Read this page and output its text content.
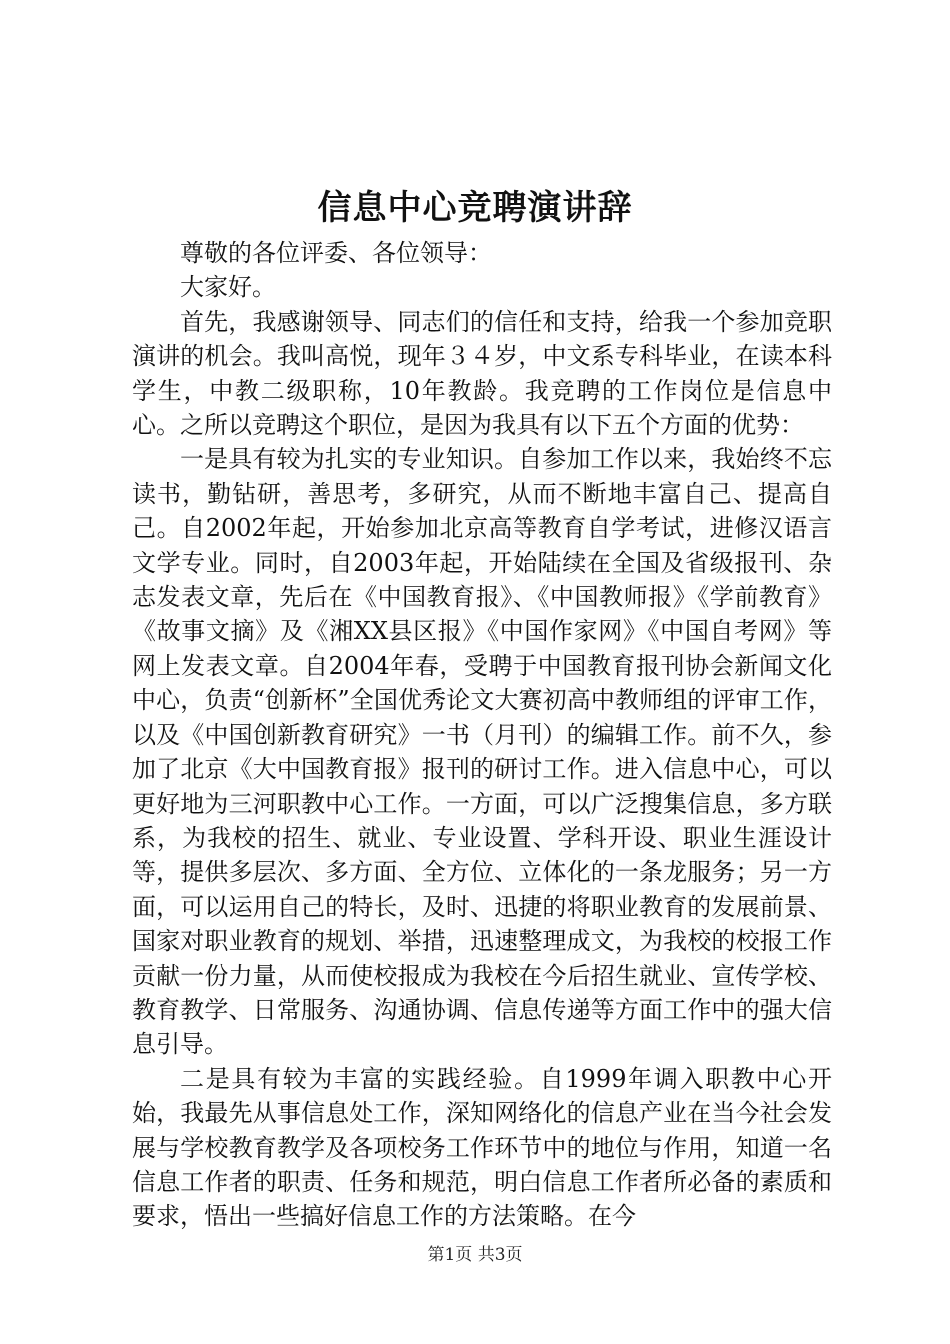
信息中心竞聘演讲辞

尊敬的各位评委、各位领导：

大家好。

首先，我感谢领导、同志们的信任和支持，给我一个参加竞职演讲的机会。我叫高悦，现年３４岁，中文系专科毕业，在读本科学生，中教二级职称，10年教龄。我竞聘的工作岗位是信息中心。之所以竞聘这个职位，是因为我具有以下五个方面的优势：

一是具有较为扎实的专业知识。自参加工作以来，我始终不忘读书，勤钻研，善思考，多研究，从而不断地丰富自己、提高自己。自2002年起，开始参加北京高等教育自学考试，进修汉语言文学专业。同时，自2003年起，开始陆续在全国及省级报刊、杂志发表文章，先后在《中国教育报》、《中国教师报》《学前教育》《故事文摘》及《湘XX县区报》《中国作家网》《中国自考网》等网上发表文章。自2004年春，受聘于中国教育报刊协会新闻文化中心，负责“创新杯”全国优秀论文大赛初高中教师组的评审工作，以及《中国创新教育研究》一书（月刊）的编辑工作。前不久，参加了北京《大中国教育报》报刊的研讨工作。进入信息中心，可以更好地为三河职教中心工作。一方面，可以广泛搜集信息，多方联系，为我校的招生、就业、专业设置、学科开设、职业生涯设计等，提供多层次、多方面、全方位、立体化的一条龙服务；另一方面，可以运用自己的特长，及时、迅捷的将职业教育的发展前景、国家对职业教育的规划、举措，迅速整理成文，为我校的校报工作贡献一份力量，从而使校报成为我校在今后招生就业、宣传学校、教育教学、日常服务、沟通协调、信息传递等方面工作中的强大信息引导。

二是具有较为丰富的实践经验。自1999年调入职教中心开始，我最先从事信息处工作，深知网络化的信息产业在当今社会发展与学校教育教学及各项校务工作环节中的地位与作用，知道一名信息工作者的职责、任务和规范，明白信息工作者所必备的素质和要求，悟出一些搞好信息工作的方法策略。在今

第1页 共3页
